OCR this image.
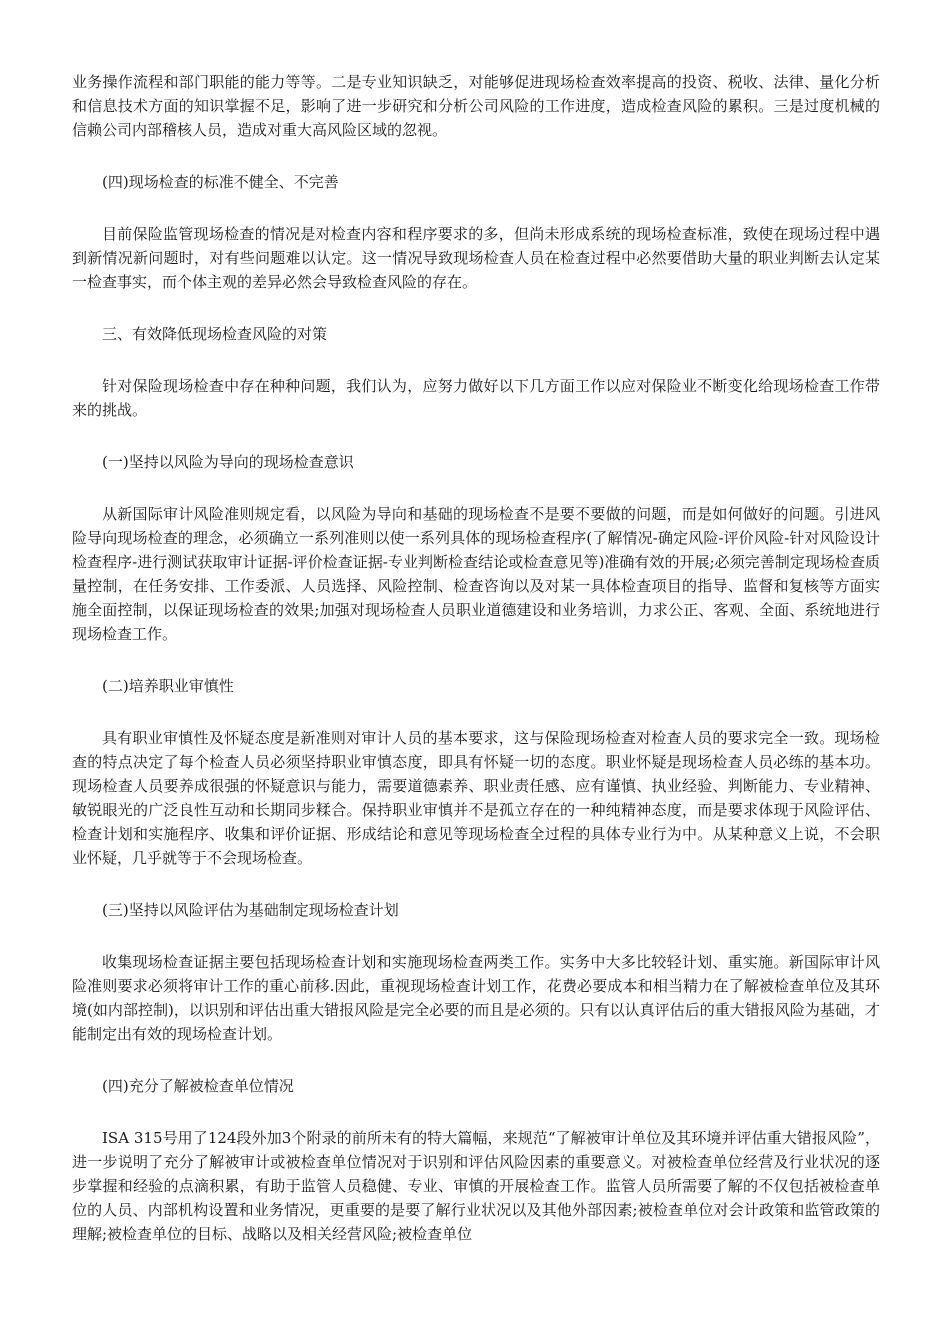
业务操作流程和部门职能的能力等等。二是专业知识缺乏，对能够促进现场检查效率提高的投资、税收、法律、量化分析和信息技术方面的知识掌握不足，影响了进一步研究和分析公司风险的工作进度，造成检查风险的累积。三是过度机械的信赖公司内部稽核人员，造成对重大高风险区域的忽视。

(四)现场检查的标准不健全、不完善

目前保险监管现场检查的情况是对检查内容和程序要求的多，但尚未形成系统的现场检查标准，致使在现场过程中遇到新情况新问题时，对有些问题难以认定。这一情况导致现场检查人员在检查过程中必然要借助大量的职业判断去认定某一检查事实，而个体主观的差异必然会导致检查风险的存在。

三、有效降低现场检查风险的对策

针对保险现场检查中存在种种问题，我们认为，应努力做好以下几方面工作以应对保险业不断变化给现场检查工作带来的挑战。

(一)坚持以风险为导向的现场检查意识

从新国际审计风险准则规定看，以风险为导向和基础的现场检查不是要不要做的问题，而是如何做好的问题。引进风险导向现场检查的理念，必须确立一系列准则以使一系列具体的现场检查程序(了解情况-确定风险-评价风险-针对风险设计检查程序-进行测试获取审计证据-评价检查证据-专业判断检查结论或检查意见等)准确有效的开展;必须完善制定现场检查质量控制，在任务安排、工作委派、人员选择、风险控制、检查咨询以及对某一具体检查项目的指导、监督和复核等方面实施全面控制，以保证现场检查的效果;加强对现场检查人员职业道德建设和业务培训，力求公正、客观、全面、系统地进行现场检查工作。

(二)培养职业审慎性

具有职业审慎性及怀疑态度是新准则对审计人员的基本要求，这与保险现场检查对检查人员的要求完全一致。现场检查的特点决定了每个检查人员必须坚持职业审慎态度，即具有怀疑一切的态度。职业怀疑是现场检查人员必练的基本功。现场检查人员要养成很强的怀疑意识与能力，需要道德素养、职业责任感、应有谨慎、执业经验、判断能力、专业精神、敏锐眼光的广泛良性互动和长期同步糅合。保持职业审慎并不是孤立存在的一种纯精神态度，而是要求体现于风险评估、检查计划和实施程序、收集和评价证据、形成结论和意见等现场检查全过程的具体专业行为中。从某种意义上说，不会职业怀疑，几乎就等于不会现场检查。

(三)坚持以风险评估为基础制定现场检查计划

收集现场检查证据主要包括现场检查计划和实施现场检查两类工作。实务中大多比较轻计划、重实施。新国际审计风险准则要求必须将审计工作的重心前移.因此，重视现场检查计划工作，花费必要成本和相当精力在了解被检查单位及其环境(如内部控制)，以识别和评估出重大错报风险是完全必要的而且是必须的。只有以认真评估后的重大错报风险为基础，才能制定出有效的现场检查计划。

(四)充分了解被检查单位情况

ISA 315号用了124段外加3个附录的前所未有的特大篇幅，来规范“了解被审计单位及其环境并评估重大错报风险”，进一步说明了充分了解被审计或被检查单位情况对于识别和评估风险因素的重要意义。对被检查单位经营及行业状况的逐步掌握和经验的点滴积累，有助于监管人员稳健、专业、审慎的开展检查工作。监管人员所需要了解的不仅包括被检查单位的人员、内部机构设置和业务情况，更重要的是要了解行业状况以及其他外部因素;被检查单位对会计政策和监管政策的理解;被检查单位的目标、战略以及相关经营风险;被检查单位
